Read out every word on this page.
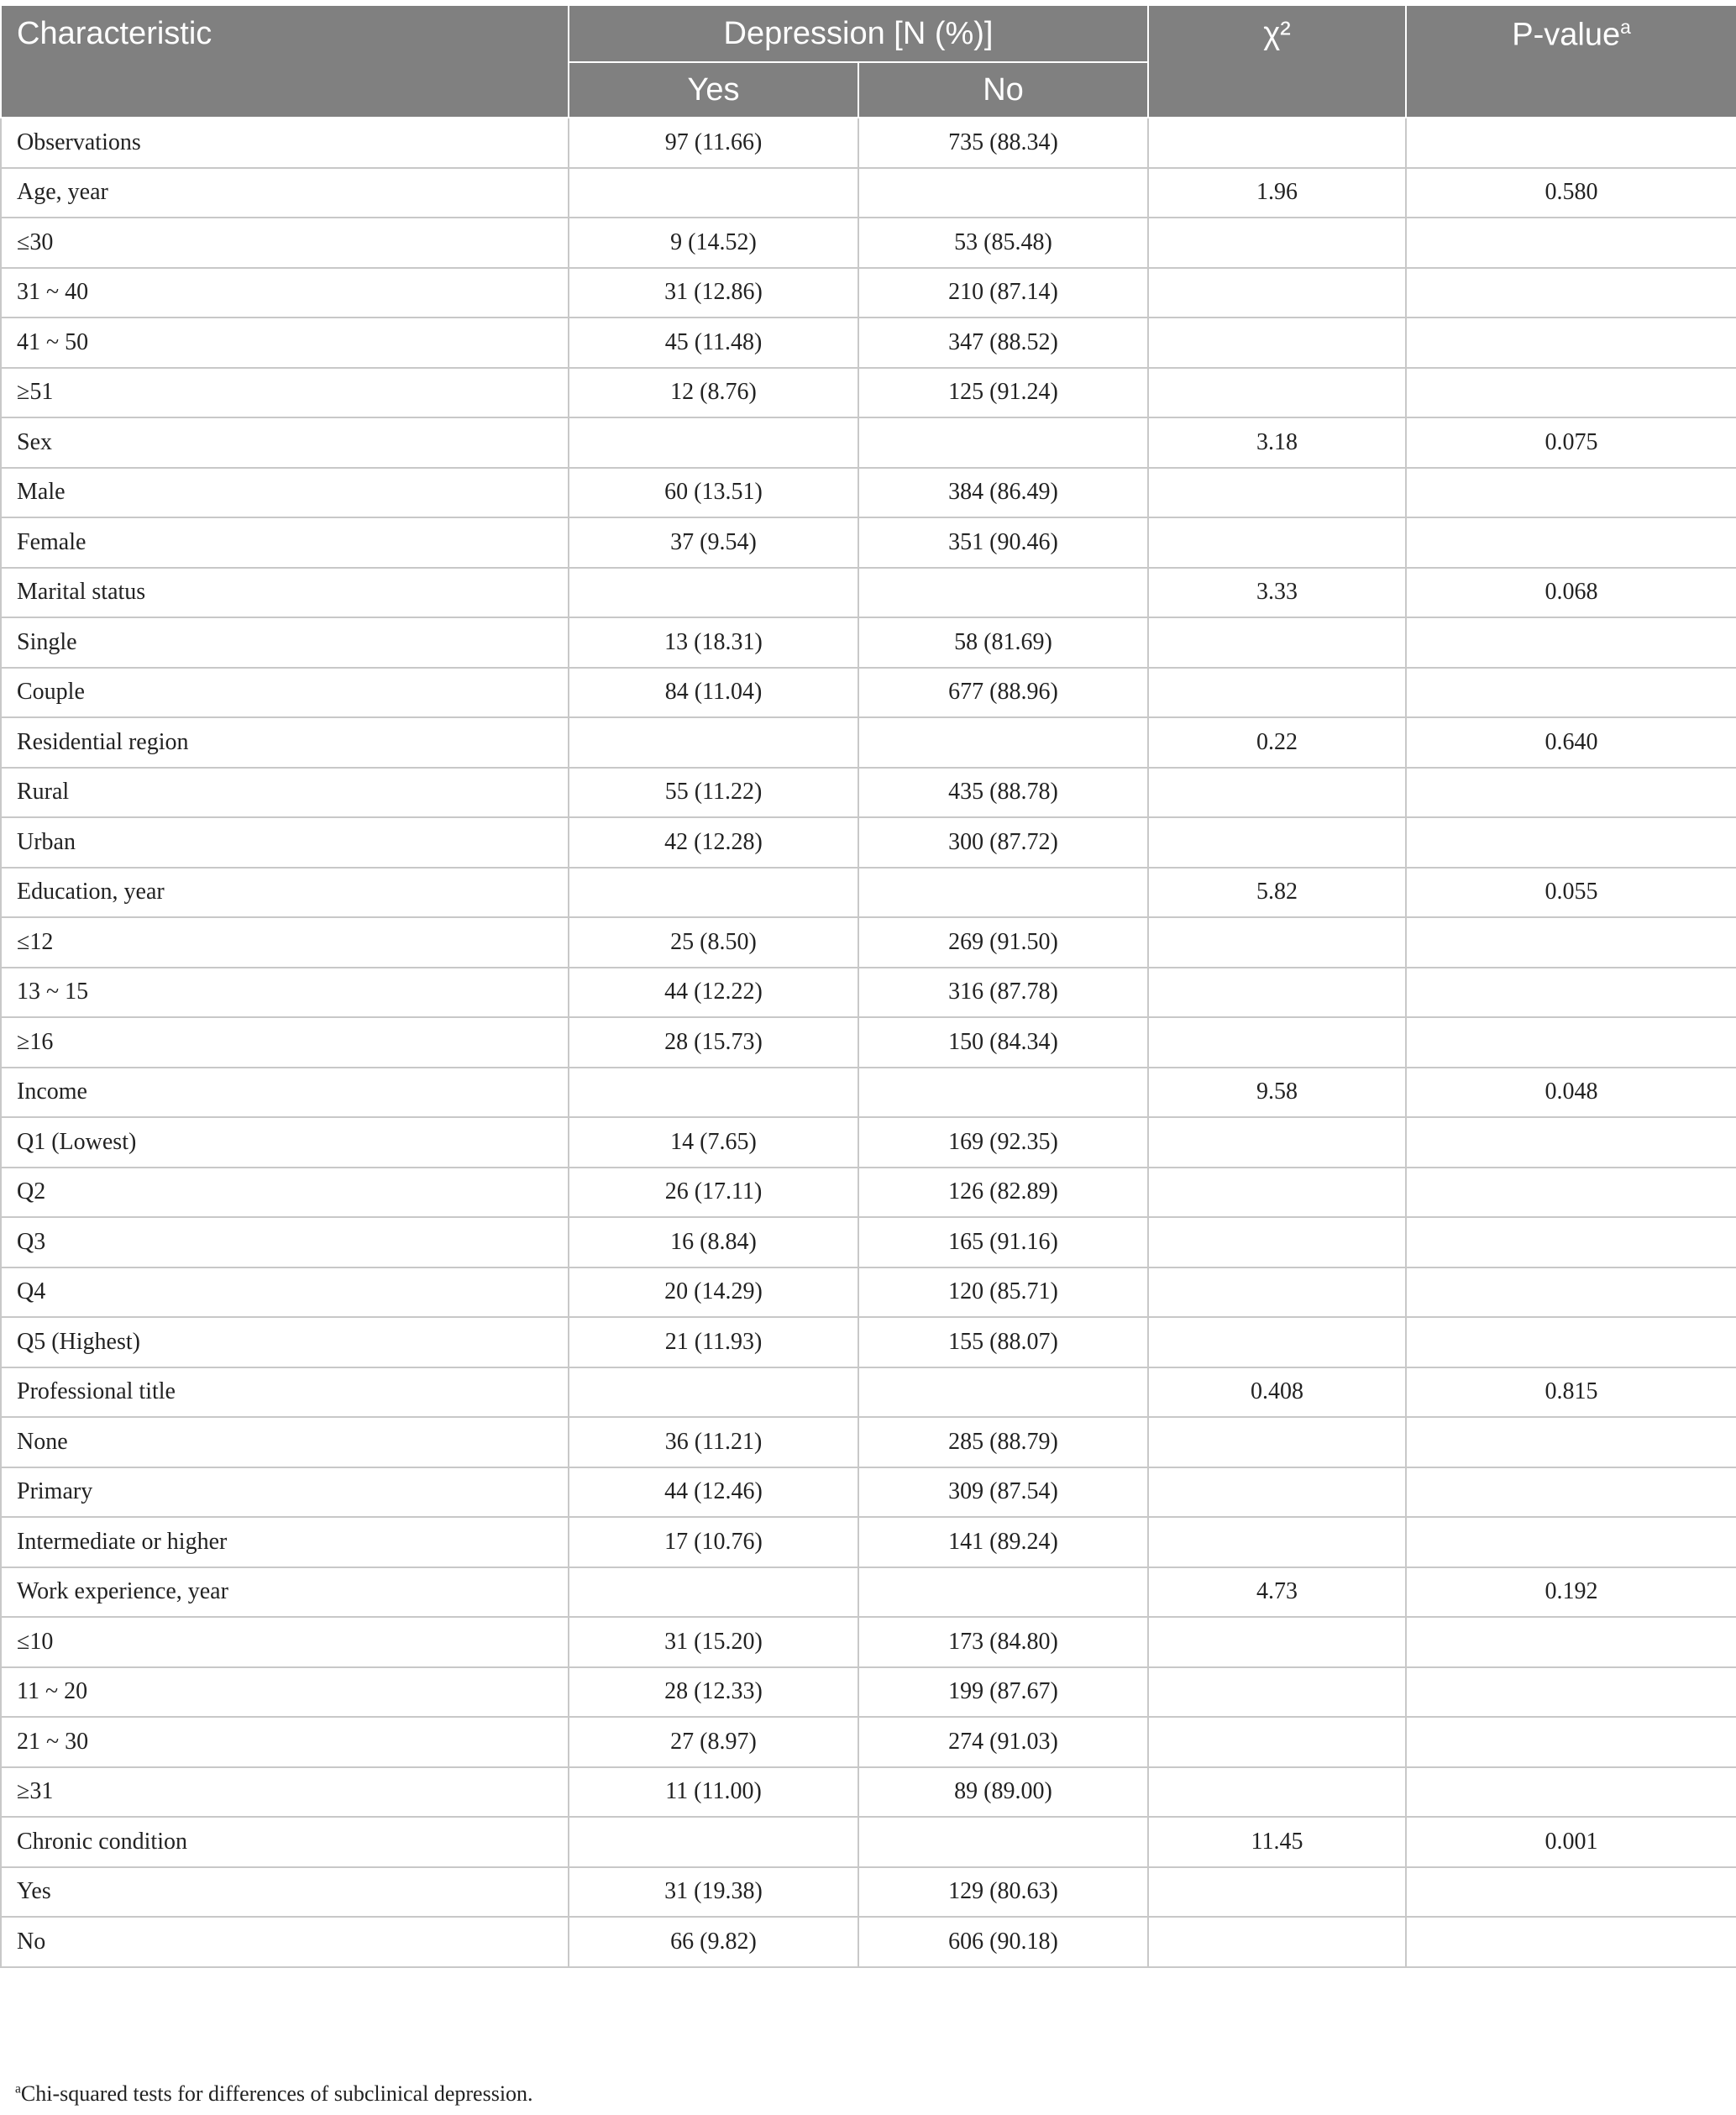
Characteristic	Depression [N (%)]		χ²	P-value$^a$
	Yes	No		
Observations	97 (11.66)	735 (88.34)		
Age, year			1.96	0.580
≤30	9 (14.52)	53 (85.48)		
31 ~ 40	31 (12.86)	210 (87.14)		
41 ~ 50	45 (11.48)	347 (88.52)		
≥51	12 (8.76)	125 (91.24)		
Sex			3.18	0.075
Male	60 (13.51)	384 (86.49)		
Female	37 (9.54)	351 (90.46)		
Marital status			3.33	0.068
Single	13 (18.31)	58 (81.69)		
Couple	84 (11.04)	677 (88.96)		
Residential region			0.22	0.640
Rural	55 (11.22)	435 (88.78)		
Urban	42 (12.28)	300 (87.72)		
Education, year			5.82	0.055
≤12	25 (8.50)	269 (91.50)		
13 ~ 15	44 (12.22)	316 (87.78)		
≥16	28 (15.73)	150 (84.34)		
Income			9.58	0.048
Q1 (Lowest)	14 (7.65)	169 (92.35)		
Q2	26 (17.11)	126 (82.89)		
Q3	16 (8.84)	165 (91.16)		
Q4	20 (14.29)	120 (85.71)		
Q5 (Highest)	21 (11.93)	155 (88.07)		
Professional title			0.408	0.815
None	36 (11.21)	285 (88.79)		
Primary	44 (12.46)	309 (87.54)		
Intermediate or higher	17 (10.76)	141 (89.24)		
Work experience, year			4.73	0.192
≤10	31 (15.20)	173 (84.80)		
11 ~ 20	28 (12.33)	199 (87.67)		
21 ~ 30	27 (8.97)	274 (91.03)		
≥31	11 (11.00)	89 (89.00)		
Chronic condition			11.45	0.001
Yes	31 (19.38)	129 (80.63)		
No	66 (9.82)	606 (90.18)		
$^a$Chi-squared tests for differences of subclinical depression.
